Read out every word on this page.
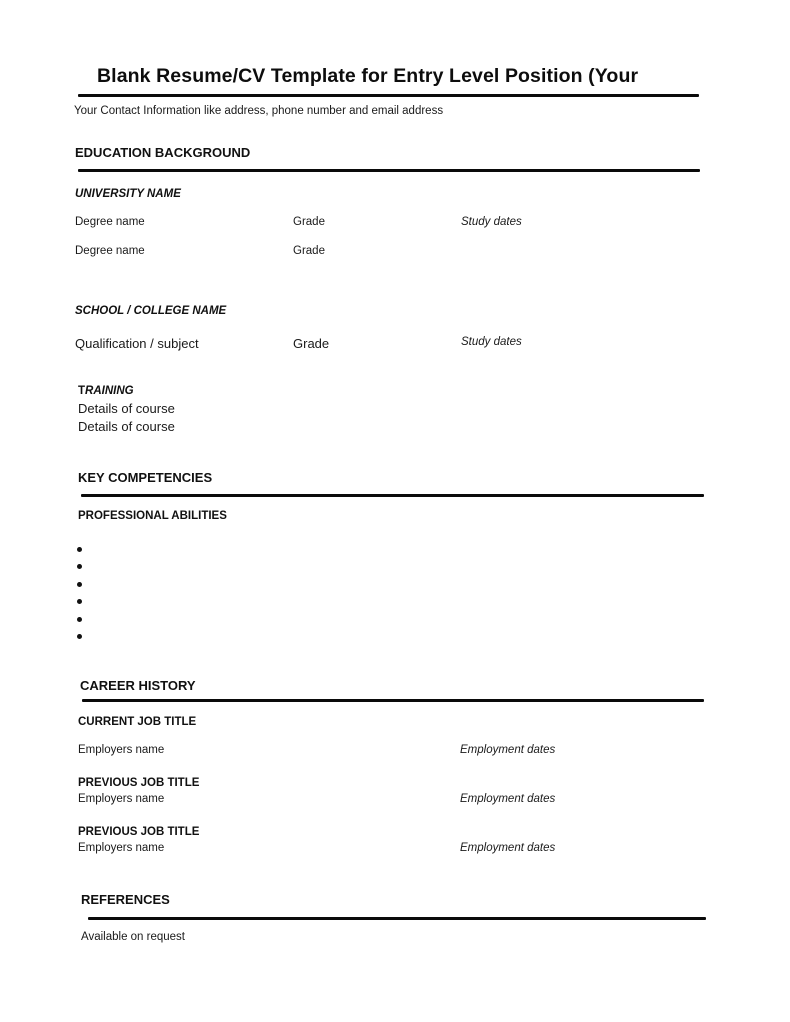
Blank Resume/CV Template for Entry Level Position (Your
Your Contact Information like address, phone number and email address
EDUCATION BACKGROUND
UNIVERSITY NAME
Degree name	Grade	Study dates
Degree name	Grade
SCHOOL / COLLEGE NAME
Qualification / subject	Grade	Study dates
TRAINING
Details of course
Details of course
KEY COMPETENCIES
PROFESSIONAL ABILITIES
CAREER HISTORY
CURRENT JOB TITLE
Employers name	Employment dates
PREVIOUS JOB TITLE
Employers name	Employment dates
PREVIOUS JOB TITLE
Employers name	Employment dates
REFERENCES
Available on request
